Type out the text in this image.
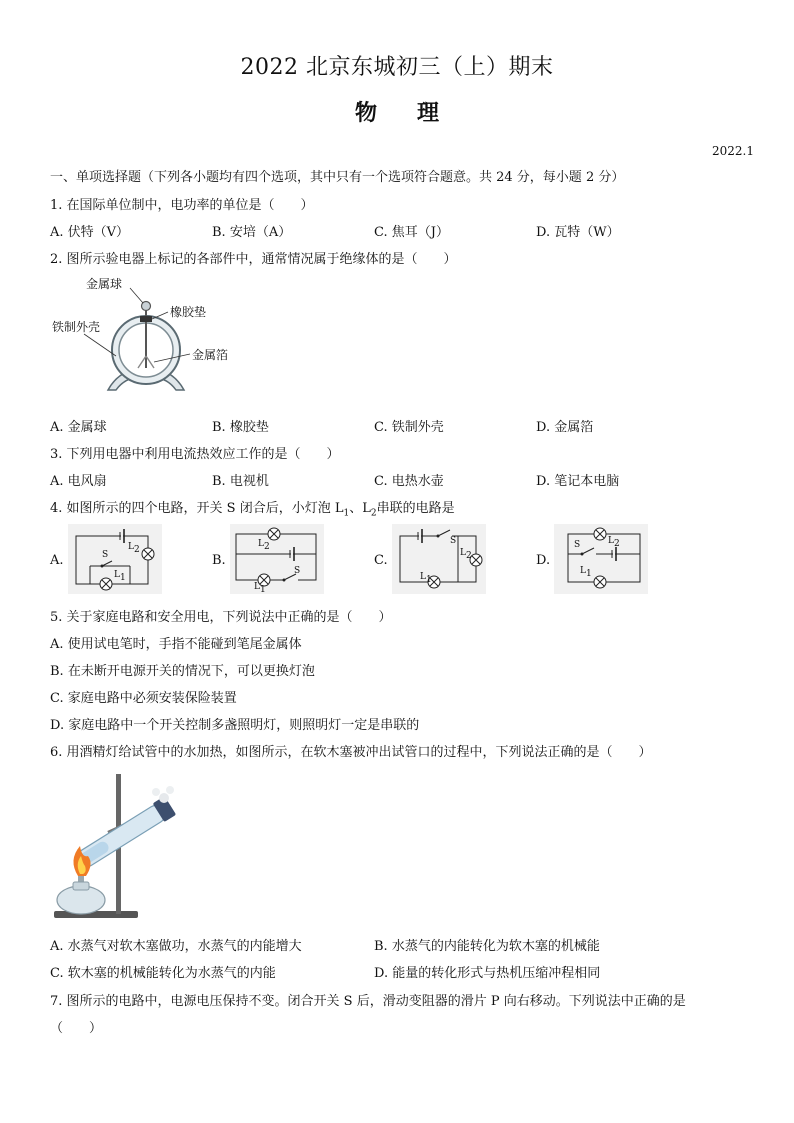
2022 北京东城初三（上）期末
物理
2022.1
一、单项选择题（下列各小题均有四个选项，其中只有一个选项符合题意。共 24 分，每小题 2 分）
1. 在国际单位制中，电功率的单位是（　　）
A. 伏特（V）	B. 安培（A）	C. 焦耳（J）	D. 瓦特（W）
2. 图所示验电器上标记的各部件中，通常情况属于绝缘体的是（　　）
金属球
橡胶垫
铁制外壳
金属箔
A. 金属球	B. 橡胶垫	C. 铁制外壳	D. 金属箔
3. 下列用电器中利用电流热效应工作的是（　　）
A. 电风扇	B. 电视机	C. 电热水壶	D. 笔记本电脑
4. 如图所示的四个电路，开关 S 闭合后，小灯泡 $L_1$、$L_2$串联的电路是
A.	B.	C.	D.
S
$L_2$
$L_1$
$L_2$
$L_1$
S
S
$L_2$
$L_1$
S	$L_2$
$L_1$
5. 关于家庭电路和安全用电，下列说法中正确的是（　　）
A. 使用试电笔时，手指不能碰到笔尾金属体
B. 在未断开电源开关的情况下，可以更换灯泡
C. 家庭电路中必须安装保险装置
D. 家庭电路中一个开关控制多盏照明灯，则照明灯一定是串联的
6. 用酒精灯给试管中的水加热，如图所示，在软木塞被冲出试管口的过程中，下列说法正确的是（　　）
A. 水蒸气对软木塞做功，水蒸气的内能增大	B. 水蒸气的内能转化为软木塞的机械能
C. 软木塞的机械能转化为水蒸气的内能	D. 能量的转化形式与热机压缩冲程相同
7. 图所示的电路中，电源电压保持不变。闭合开关 S 后，滑动变阻器的滑片 P 向右移动。下列说法中正确的是
（　　）
